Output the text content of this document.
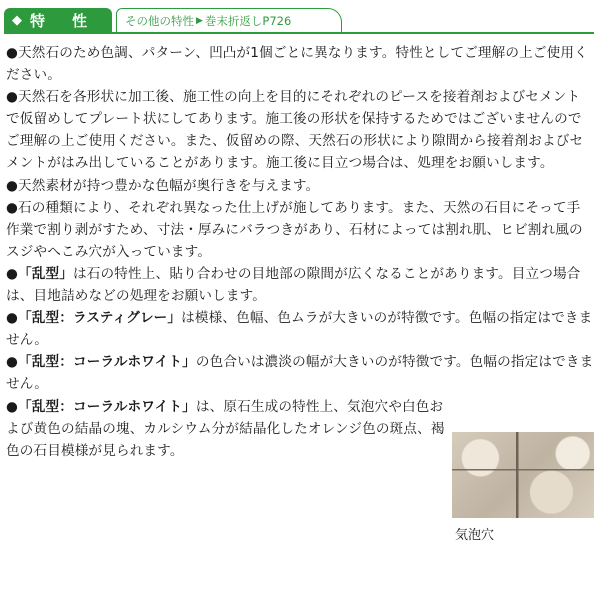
◆ 特　性	その他の特性 ▶ 巻末折返しP726

●天然石のため色調、パターン、凹凸が1個ごとに異なります。特性としてご理解の上ご使用ください。

●天然石を各形状に加工後、施工性の向上を目的にそれぞれのピースを接着剤およびセメントで仮留めしてプレート状にしてあります。施工後の形状を保持するためではございませんのでご理解の上ご使用ください。また、仮留めの際、天然石の形状により隙間から接着剤およびセメントがはみ出していることがあります。施工後に目立つ場合は、処理をお願いします。

●天然素材が持つ豊かな色幅が奥行きを与えます。

●石の種類により、それぞれ異なった仕上げが施してあります。また、天然の石目にそって手作業で割り剥がすため、寸法・厚みにバラつきがあり、石材によっては割れ肌、ヒビ割れ風のスジやへこみ穴が入っています。

●「乱型」は石の特性上、貼り合わせの目地部の隙間が広くなることがあります。目立つ場合は、目地詰めなどの処理をお願いします。

●「乱型：ラスティグレー」は模様、色幅、色ムラが大きいのが特徴です。色幅の指定はできません。

●「乱型：コーラルホワイト」の色合いは濃淡の幅が大きいのが特徴です。色幅の指定はできません。

●「乱型：コーラルホワイト」は、原石生成の特性上、気泡穴や白色および黄色の結晶の塊、カルシウム分が結晶化したオレンジ色の斑点、褐色の石目模様が見られます。

気泡穴
